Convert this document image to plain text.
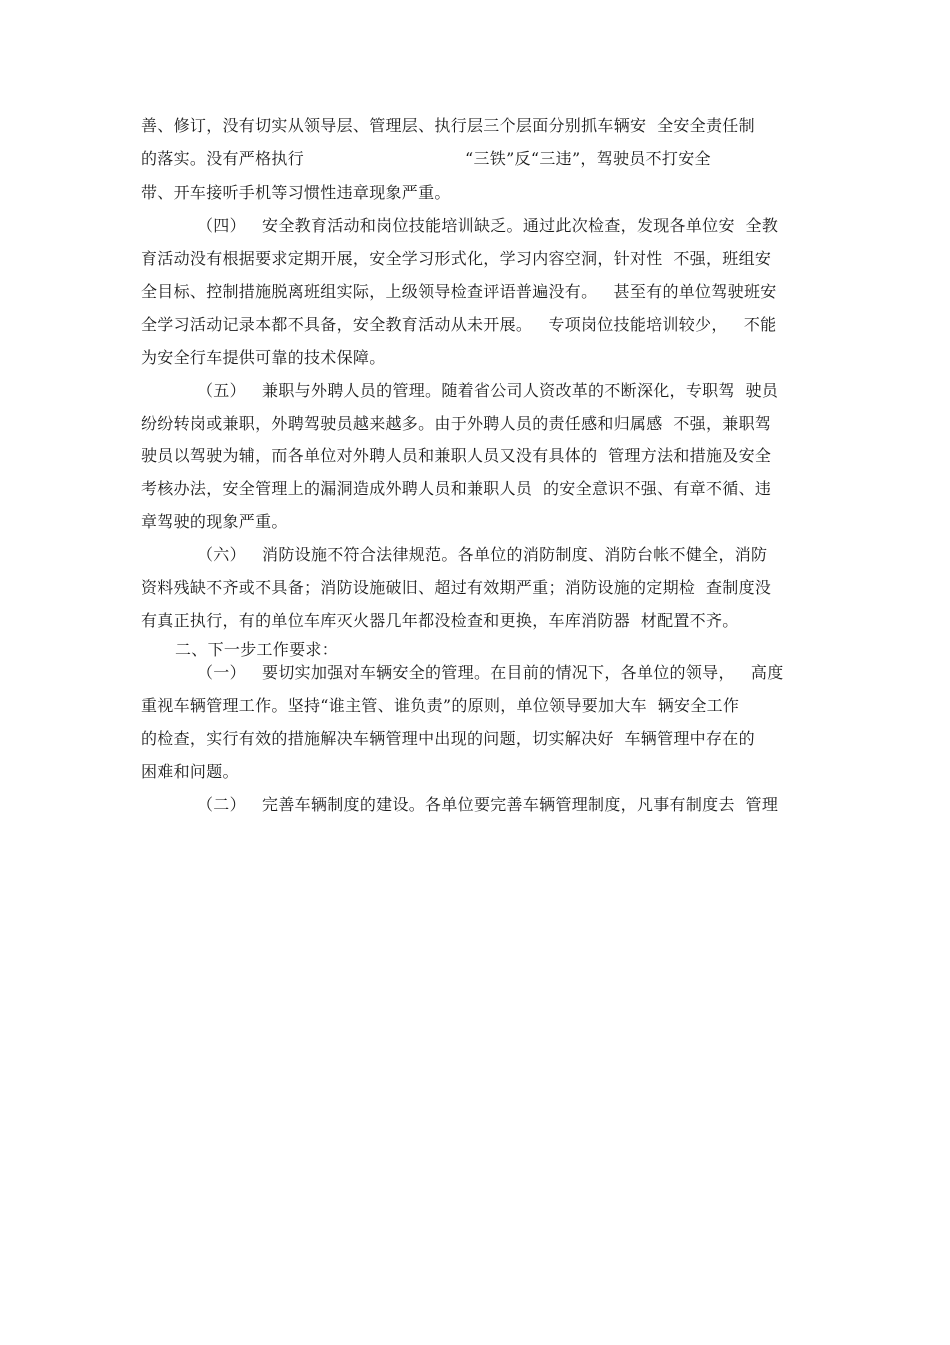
善、修订，没有切实从领导层、管理层、执行层三个层面分别抓车辆安  全安全责任制
的落实。没有严格执行	“三铁”反“三违”，驾驶员不打安全
带、开车接听手机等习惯性违章现象严重。
（四）   安全教育活动和岗位技能培训缺乏。通过此次检查，发现各单位安  全教
育活动没有根据要求定期开展，安全学习形式化，学习内容空洞，针对性  不强，班组安
全目标、控制措施脱离班组实际，上级领导检查评语普遍没有。   甚至有的单位驾驶班安
全学习活动记录本都不具备，安全教育活动从未开展。   专项岗位技能培训较少，   不能
为安全行车提供可靠的技术保障。
（五）   兼职与外聘人员的管理。随着省公司人资改革的不断深化，专职驾  驶员
纷纷转岗或兼职，外聘驾驶员越来越多。由于外聘人员的责任感和归属感  不强，兼职驾
驶员以驾驶为辅，而各单位对外聘人员和兼职人员又没有具体的  管理方法和措施及安全
考核办法，安全管理上的漏洞造成外聘人员和兼职人员  的安全意识不强、有章不循、违
章驾驶的现象严重。
（六）   消防设施不符合法律规范。各单位的消防制度、消防台帐不健全，消防
资料残缺不齐或不具备；消防设施破旧、超过有效期严重；消防设施的定期检  查制度没
有真正执行，有的单位车库灭火器几年都没检查和更换，车库消防器  材配置不齐。
二、下一步工作要求：
（一）   要切实加强对车辆安全的管理。在目前的情况下，各单位的领导，   高度
重视车辆管理工作。坚持“谁主管、谁负责”的原则，单位领导要加大车  辆安全工作
的检查，实行有效的措施解决车辆管理中出现的问题，切实解决好  车辆管理中存在的
困难和问题。
（二）   完善车辆制度的建设。各单位要完善车辆管理制度，凡事有制度去  管理
